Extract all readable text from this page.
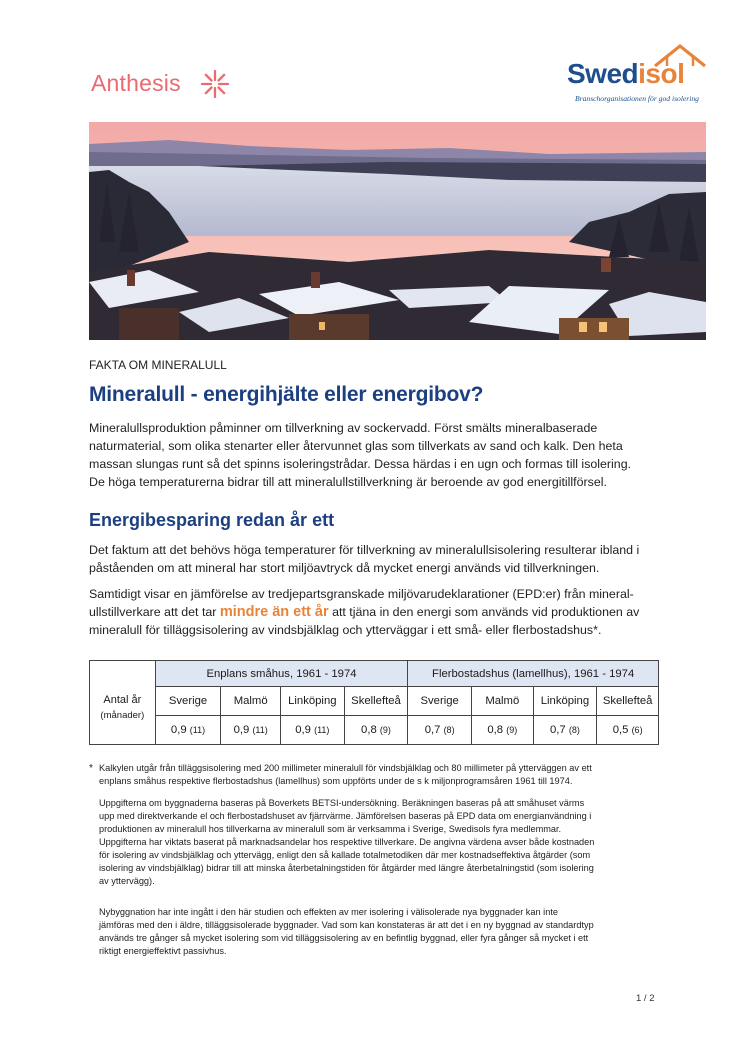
Anthesis	Swedisol
Branschorganisationen för god isolering
FAKTA OM MINERALULL
Mineralull - energihjälte eller energibov?

Mineralullsproduktion påminner om tillverkning av sockervadd. Först smälts mineralbaserade
naturmaterial, som olika stenarter eller återvunnet glas som tillverkats av sand och kalk. Den heta
massan slungas runt så det spinns isoleringstrådar. Dessa härdas i en ugn och formas till isolering.
De höga temperaturerna bidrar till att mineralullstillverkning är beroende av god energitillförsel.

Energibesparing redan år ett

Det faktum att det behövs höga temperaturer för tillverkning av mineralullsisolering resulterar ibland i
påståenden om att mineral har stort miljöavtryck då mycket energi används vid tillverkningen.

Samtidigt visar en jämförelse av tredjepartsgranskade miljövarudeklarationer (EPD:er) från mineral-
ullstillverkare att det tar mindre än ett år att tjäna in den energi som används vid produktionen av
mineralull för tilläggsisolering av vindsbjälklag och ytterväggar i ett små- eller flerbostadshus*.

Antal år
(månader)	Enplans småhus, 1961 - 1974				Flerbostadshus (lamellhus), 1961 - 1974			
	Sverige	Malmö	Linköping	Skellefteå	Sverige	Malmö	Linköping	Skellefteå
	0,9 (11)	0,9 (11)	0,9 (11)	0,8 (9)	0,7 (8)	0,8 (9)	0,7 (8)	0,5 (6)
* Kalkylen utgår från tilläggsisolering med 200 millimeter mineralull för vindsbjälklag och 80 millimeter på ytterväggen av ett
enplans småhus respektive flerbostadshus (lamellhus) som uppförts under de s k miljonprogramsåren 1961 till 1974.

Uppgifterna om byggnaderna baseras på Boverkets BETSI-undersökning. Beräkningen baseras på att småhuset värms
upp med direktverkande el och flerbostadshuset av fjärrvärme. Jämförelsen baseras på EPD data om energianvändning i
produktionen av mineralull hos tillverkarna av mineralull som är verksamma i Sverige, Swedisols fyra medlemmar.
Uppgifterna har viktats baserat på marknadsandelar hos respektive tillverkare. De angivna värdena avser både kostnaden
för isolering av vindsbjälklag och yttervägg, enligt den så kallade totalmetodiken där mer kostnadseffektiva åtgärder (som
isolering av vindsbjälklag) bidrar till att minska återbetalningstiden för åtgärder med längre återbetalningstid (som isolering
av yttervägg).

Nybyggnation har inte ingått i den här studien och effekten av mer isolering i välisolerade nya byggnader kan inte
jämföras med den i äldre, tilläggsisolerade byggnader. Vad som kan konstateras är att det i en ny byggnad av standardtyp
används tre gånger så mycket isolering som vid tilläggsisolering av en befintlig byggnad, eller fyra gånger så mycket i ett
riktigt energieffektivt passivhus.

1 / 2
